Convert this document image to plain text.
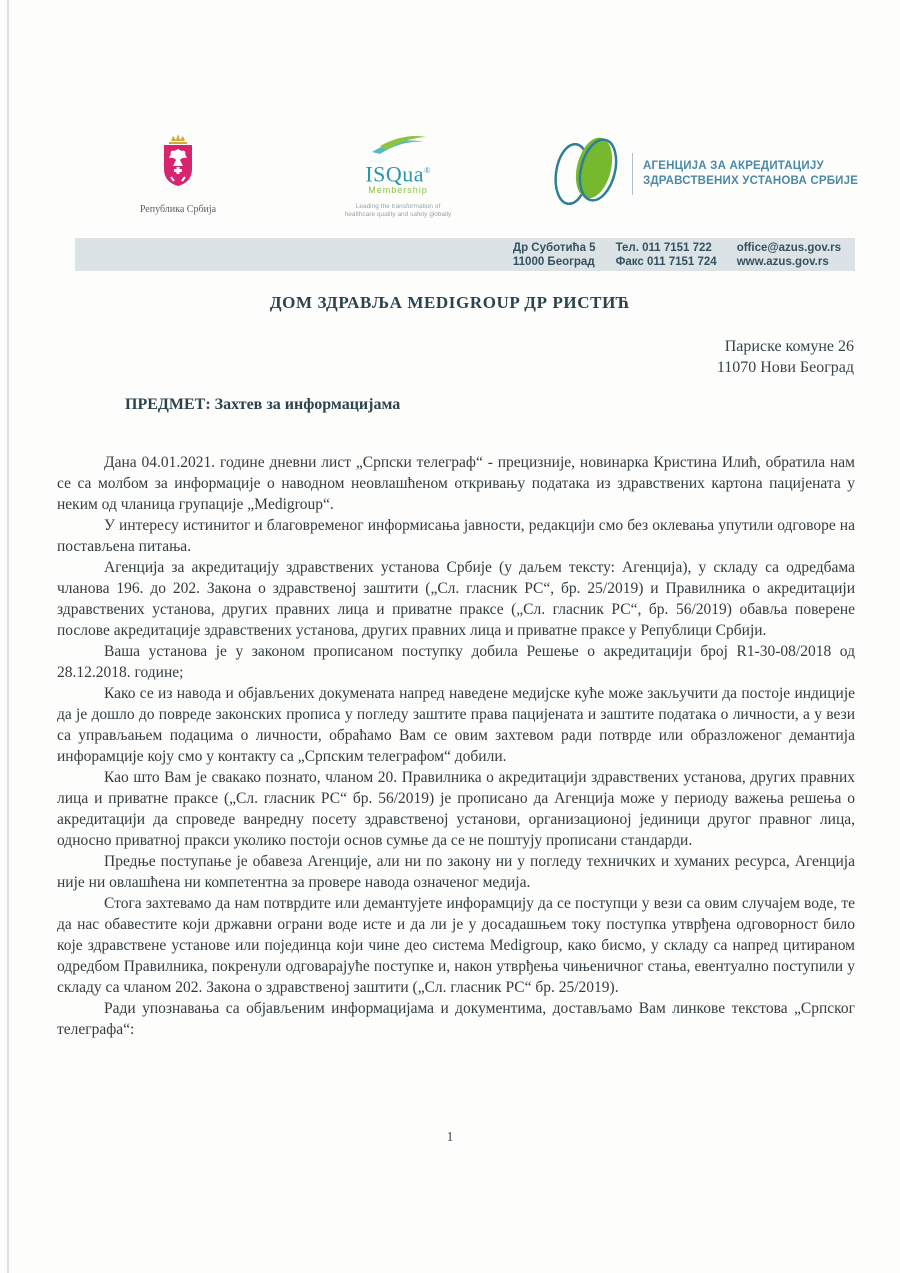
Република Србија
ISQua®
Membership
Leading the transformation of
healthcare quality and safety globally
АГЕНЦИЈА ЗА АКРЕДИТАЦИЈУ
ЗДРАВСТВЕНИХ УСТАНОВА СРБИЈЕ
Др Суботића 5
11000 Београд
Тел. 011 7151 722
Факс 011 7151 724
office@azus.gov.rs
www.azus.gov.rs
ДОМ ЗДРАВЉА MEDIGROUP ДР РИСТИЋ
Париске комуне 26
11070 Нови Београд
ПРЕДМЕТ: Захтев за информацијама

Дана 04.01.2021. године дневни лист „Српски телеграф“ - прецизније, новинарка Кристина Илић, обратила нам се са молбом за информације о наводном неовлашћеном откривању података из здравствених картона пацијената у неким од чланица групације „Medigroup“.

У интересу истинитог и благовременог информисања јавности, редакцији смо без оклевања упутили одговоре на постављена питања.

Агенција за акредитацију здравствених установа Србије (у даљем тексту: Агенција), у складу са одредбама чланова 196. до 202. Закона о здравственој заштити („Сл. гласник РС“, бр. 25/2019) и Правилника о акредитацији здравствених установа, других правних лица и приватне праксе („Сл. гласник РС“, бр. 56/2019) обавља поверене послове акредитације здравствених установа, других правних лица и приватне праксе у Републици Србији.

Ваша установа је у законом прописаном поступку добила Решење о акредитацији број R1-30-08/2018 од 28.12.2018. године;

Како се из навода и објављених докумената напред наведене медијске куће може закључити да постоје индиције да је дошло до повреде законских прописа у погледу заштите права пацијената и заштите података о личности, а у вези са управљањем подацима о личности, обраћамо Вам се овим захтевом ради потврде или образложеног демантија инфорамције коју смо у контакту са „Српским телеграфом“ добили.

Као што Вам је свакако познато, чланом 20. Правилника о акредитацији здравствених установа, других правних лица и приватне праксе („Сл. гласник РС“ бр. 56/2019) је прописано да Агенција може у периоду важења решења о акредитацији да спроведе ванредну посету здравственој установи, организационој јединици другог правног лица, односно приватној пракси уколико постоји основ сумње да се не поштују прописани стандарди.

Предње поступање је обавеза Агенције, али ни по закону ни у погледу техничких и хуманих ресурса, Агенција није ни овлашћена ни компетентна за провере навода означеног медија.

Стога захтевамо да нам потврдите или демантујете инфорамцију да се поступци у вези са овим случајем воде, те да нас обавестите који државни ограни воде исте и да ли је у досадашњем току поступка утврђена одговорност било које здравствене установе или појединца који чине део система Medigroup, како бисмо, у складу са напред цитираном одредбом Правилника, покренули одговарајуће поступке и, након утврђења чињеничног стања, евентуално поступили у складу са чланом 202. Закона о здравственој заштити („Сл. гласник РС“ бр. 25/2019).

Ради упознавања са објављеним информацијама и документима, достављамо Вам линкове текстова „Српског телеграфа“:

1
